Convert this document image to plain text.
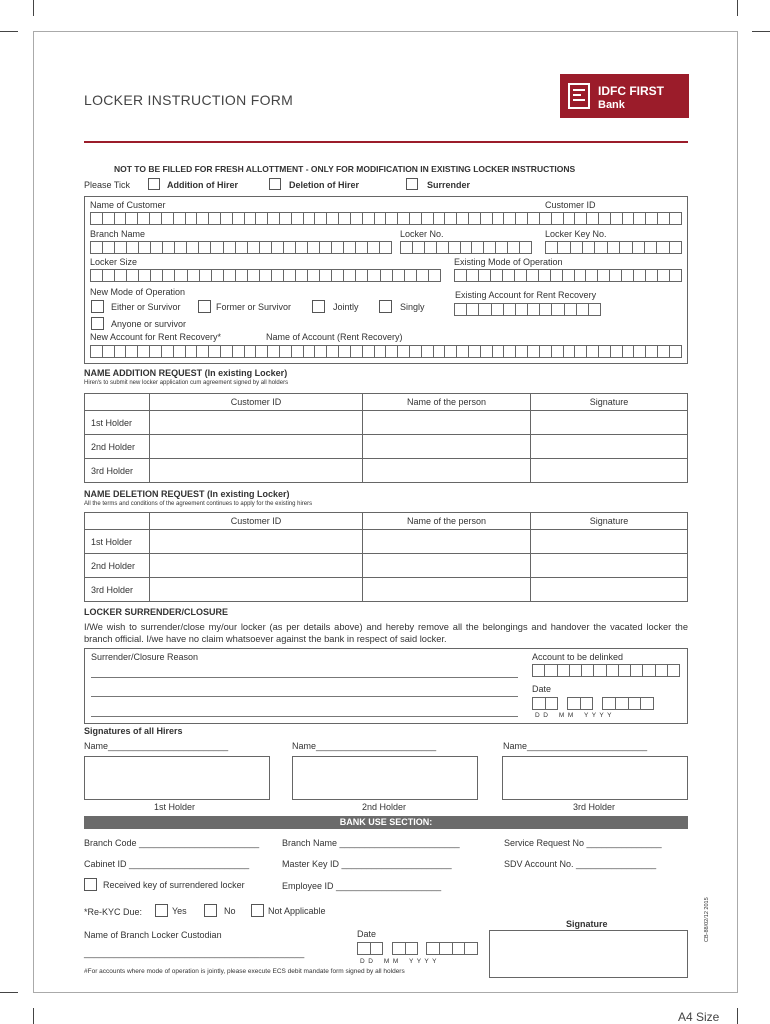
LOCKER INSTRUCTION FORM
IDFC FIRST
Bank
NOT TO BE FILLED FOR FRESH ALLOTTMENT - ONLY FOR MODIFICATION IN EXISTING LOCKER INSTRUCTIONS
Please Tick	Addition of Hirer	Deletion of Hirer	Surrender
Name of Customer	Customer ID
Branch Name	Locker No.	Locker Key No.
Locker Size	Existing Mode of Operation
New Mode of Operation	Existing Account for Rent Recovery
Either or Survivor	Former or Survivor	Jointly	Singly
Anyone or survivor
New Account for Rent Recovery*	Name of Account (Rent Recovery)
NAME ADDITION REQUEST (In existing Locker)
Hirer/s to submit new locker application cum agreement signed by all holders
	Customer ID	Name of the person	Signature
1st Holder			
2nd Holder			
3rd Holder			
NAME DELETION REQUEST (In existing Locker)
All the terms and conditions of the agreement continues to apply for the existing hirers
	Customer ID	Name of the person	Signature
1st Holder			
2nd Holder			
3rd Holder			
LOCKER SURRENDER/CLOSURE
I/We wish to surrender/close my/our locker (as per details above) and hereby remove all the belongings and handover the vacated locker the branch official. I/we have no claim whatsoever against the bank in respect of said locker.
Surrender/Closure Reason	Account to be delinked
Date
D  D      M  M      Y  Y  Y  Y
Signatures of all Hirers
Name________________________	Name________________________	Name________________________
1st Holder	2nd Holder	3rd Holder
BANK USE SECTION:
Branch Code ________________________	Branch Name ________________________	Service Request No _______________
Cabinet ID ________________________	Master Key ID ______________________	SDV Account No. ________________
Received key of surrendered locker	Employee ID _____________________
*Re-KYC Due:	Yes	No	Not Applicable
Name of Branch Locker Custodian
____________________________________________
Date
D  D      M  M      Y  Y  Y  Y
Signature	CB-88/02/12 2015
#For accounts where mode of operation is jointly, please execute ECS debit mandate form signed by all holders
A4 Size
